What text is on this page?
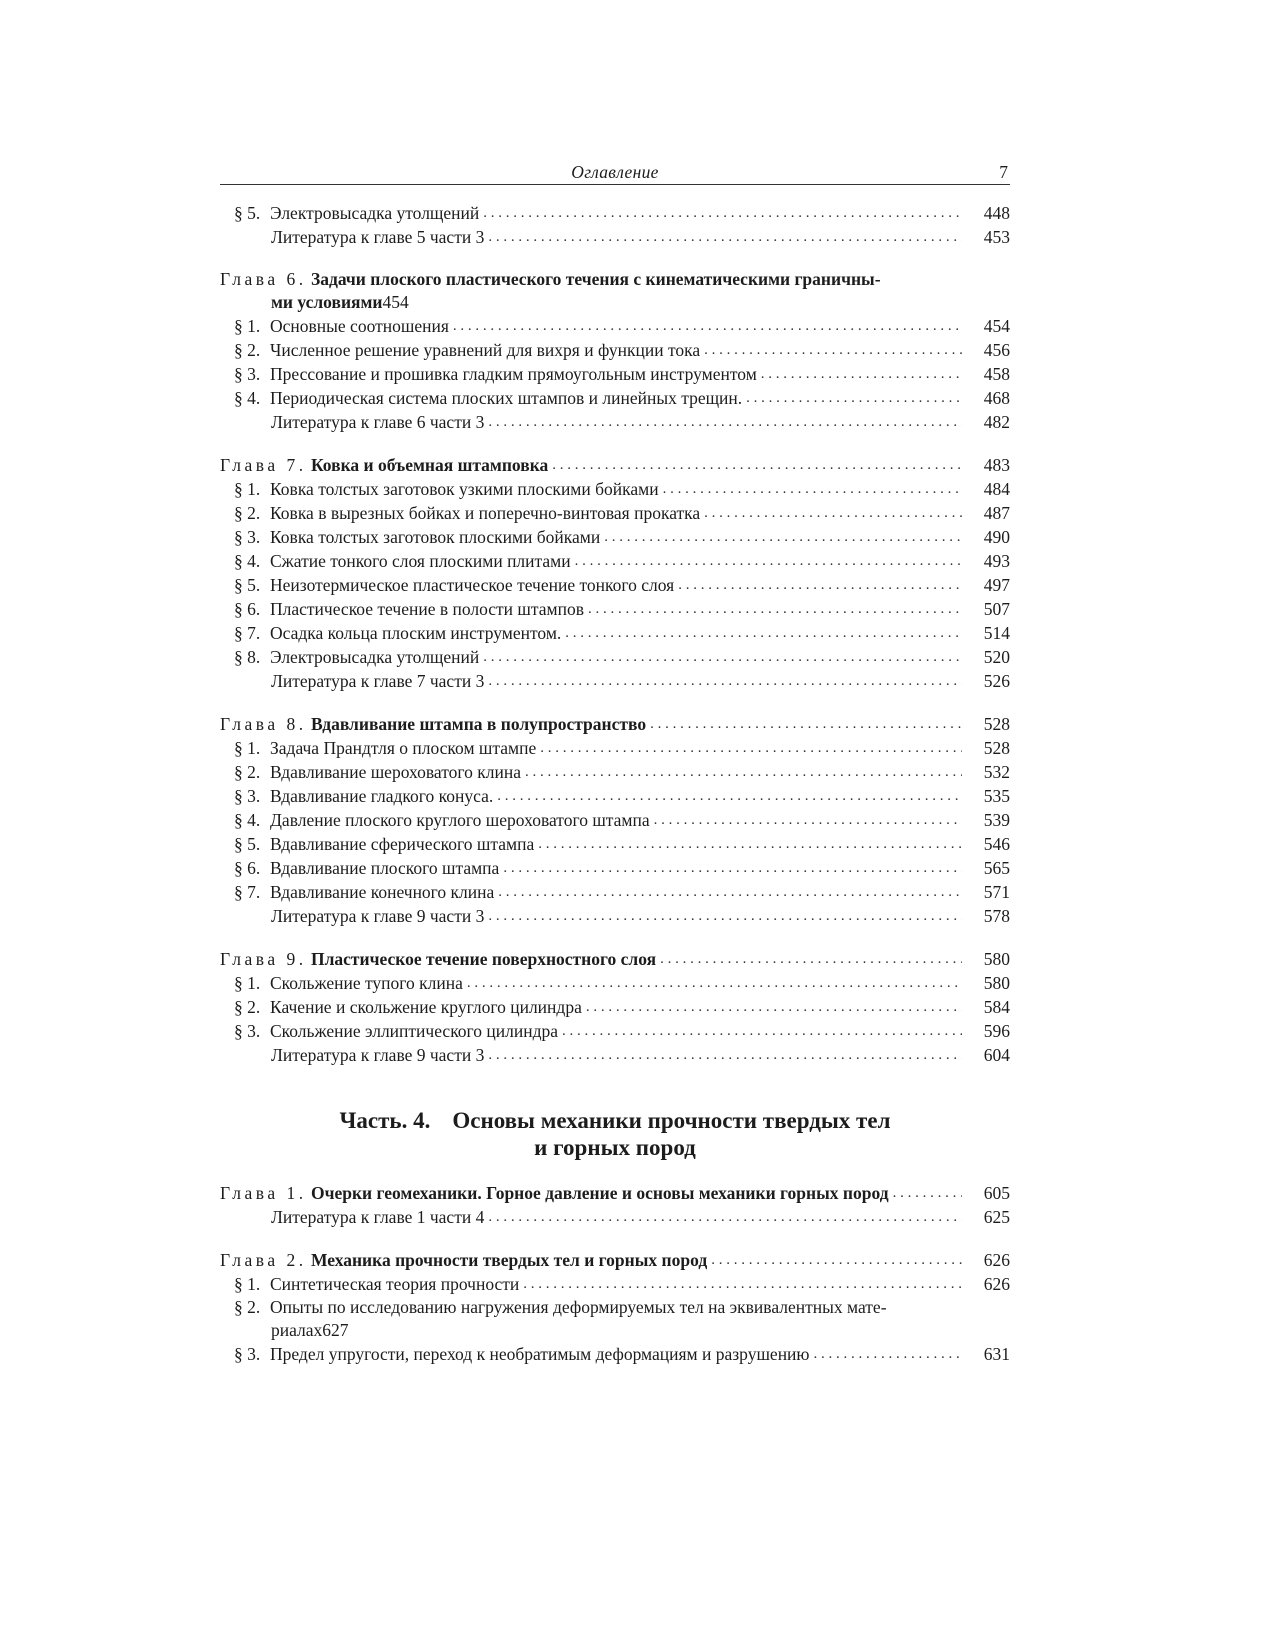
Оглавление	7
§ 5. Электровысадка утолщений . . .	448
Литература к главе 5 части 3 . . .	453
Глава 6. Задачи плоского пластического течения с кинематическими граничны-
ми условиями 454
§ 1. Основные соотношения . . .	454
§ 2. Численное решение уравнений для вихря и функции тока . . .	456
§ 3. Прессование и прошивка гладким прямоугольным инструментом . . .	458
§ 4. Периодическая система плоских штампов и линейных трещин. . . .	468
Литература к главе 6 части 3 . . .	482
Глава 7. Ковка и объемная штамповка . . .	483
§ 1. Ковка толстых заготовок узкими плоскими бойками . . .	484
§ 2. Ковка в вырезных бойках и поперечно-винтовая прокатка . . .	487
§ 3. Ковка толстых заготовок плоскими бойками . . .	490
§ 4. Сжатие тонкого слоя плоскими плитами . . .	493
§ 5. Неизотермическое пластическое течение тонкого слоя . . .	497
§ 6. Пластическое течение в полости штампов . . .	507
§ 7. Осадка кольца плоским инструментом. . . .	514
§ 8. Электровысадка утолщений . . .	520
Литература к главе 7 части 3 . . .	526
Глава 8. Вдавливание штампа в полупространство . . .	528
§ 1. Задача Прандтля о плоском штампе . . .	528
§ 2. Вдавливание шероховатого клина . . .	532
§ 3. Вдавливание гладкого конуса. . . .	535
§ 4. Давление плоского круглого шероховатого штампа . . .	539
§ 5. Вдавливание сферического штампа . . .	546
§ 6. Вдавливание плоского штампа . . .	565
§ 7. Вдавливание конечного клина . . .	571
Литература к главе 9 части 3 . . .	578
Глава 9. Пластическое течение поверхностного слоя . . .	580
§ 1. Скольжение тупого клина . . .	580
§ 2. Качение и скольжение круглого цилиндра . . .	584
§ 3. Скольжение эллиптического цилиндра . . .	596
Литература к главе 9 части 3 . . .	604
Часть. 4. Основы механики прочности твердых тел
и горных пород
Глава 1. Очерки геомеханики. Горное давление и основы механики горных пород . . .	605
Литература к главе 1 части 4 . . .	625
Глава 2. Механика прочности твердых тел и горных пород . . .	626
§ 1. Синтетическая теория прочности . . .	626
§ 2. Опыты по исследованию нагружения деформируемых тел на эквивалентных мате-
риалах 627
§ 3. Предел упругости, переход к необратимым деформациям и разрушению . . .	631
